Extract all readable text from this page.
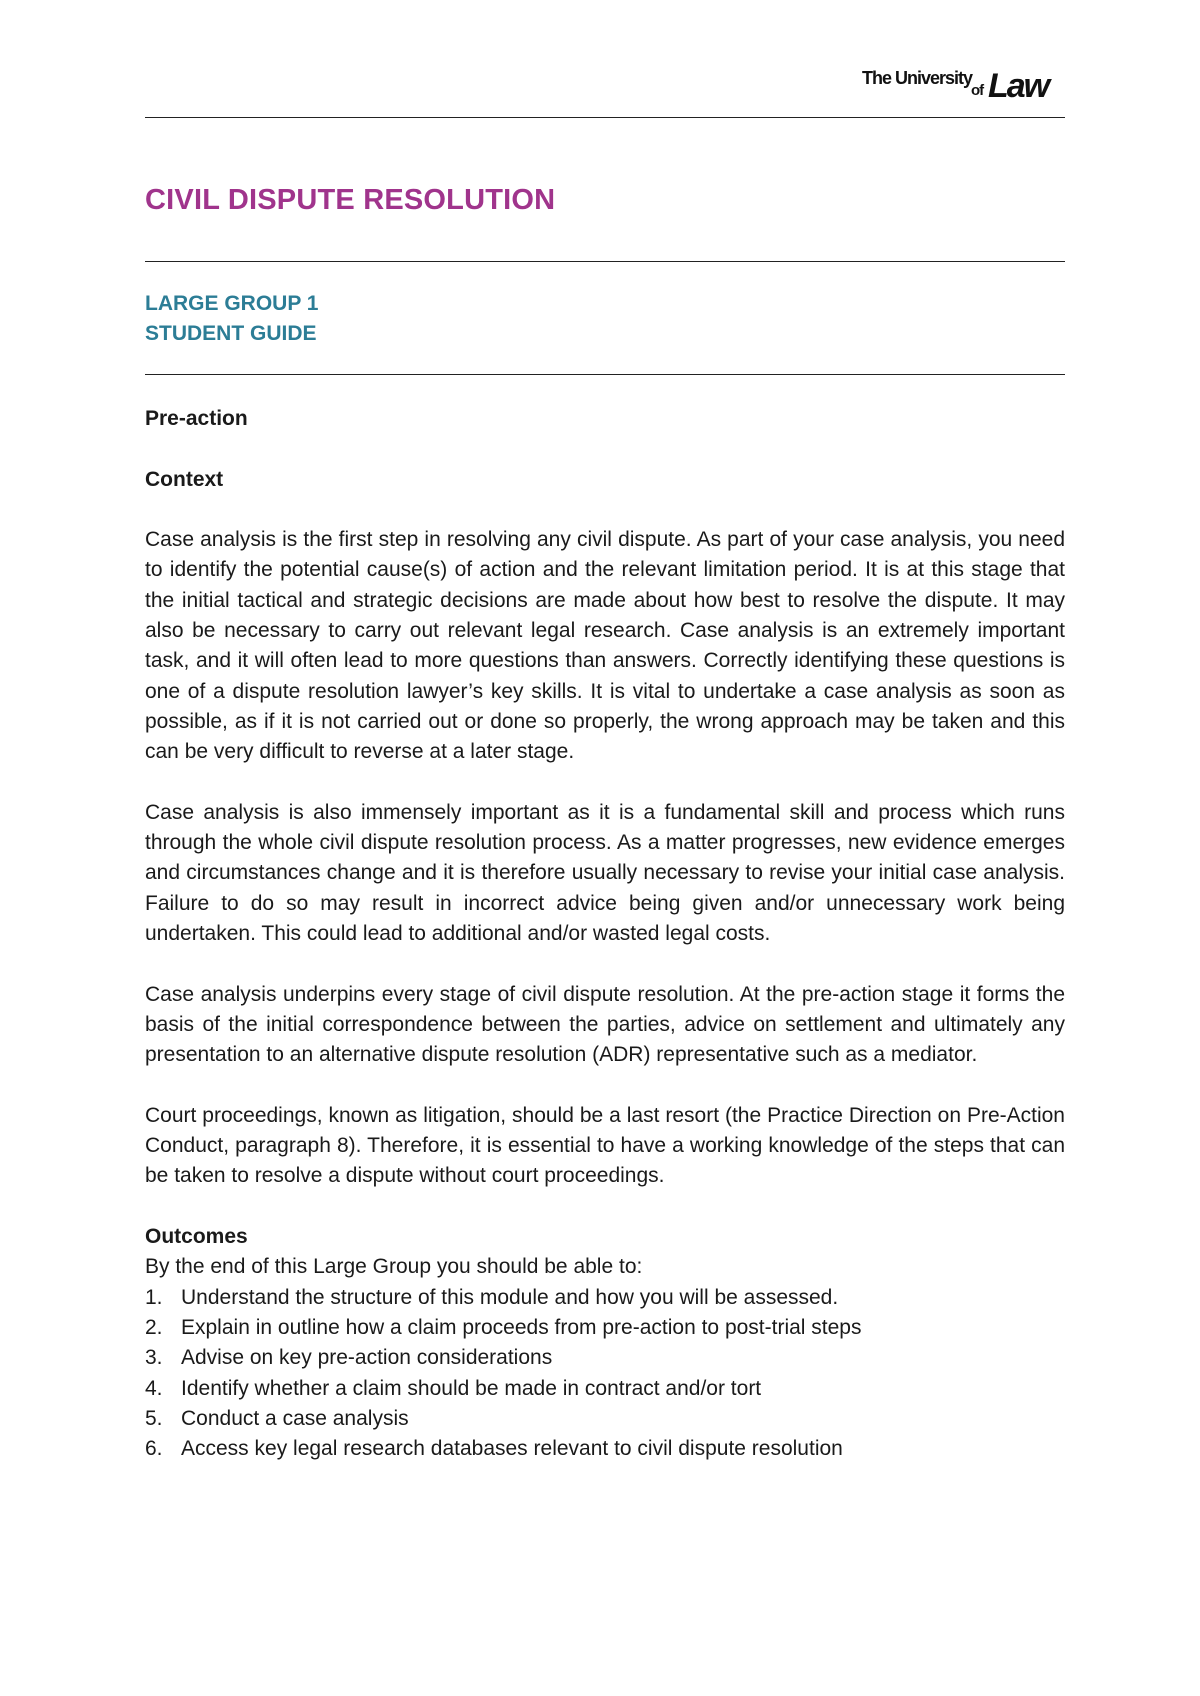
The University
of Law
CIVIL DISPUTE RESOLUTION
LARGE GROUP 1
STUDENT GUIDE
Pre-action
Context

Case analysis is the first step in resolving any civil dispute. As part of your case analysis, you need to identify the potential cause(s) of action and the relevant limitation period. It is at this stage that the initial tactical and strategic decisions are made about how best to resolve the dispute. It may also be necessary to carry out relevant legal research. Case analysis is an extremely important task, and it will often lead to more questions than answers. Correctly identifying these questions is one of a dispute resolution lawyer’s key skills. It is vital to undertake a case analysis as soon as possible, as if it is not carried out or done so properly, the wrong approach may be taken and this can be very difficult to reverse at a later stage.

Case analysis is also immensely important as it is a fundamental skill and process which runs through the whole civil dispute resolution process. As a matter progresses, new evidence emerges and circumstances change and it is therefore usually necessary to revise your initial case analysis. Failure to do so may result in incorrect advice being given and/or unnecessary work being undertaken. This could lead to additional and/or wasted legal costs.

Case analysis underpins every stage of civil dispute resolution. At the pre-action stage it forms the basis of the initial correspondence between the parties, advice on settlement and ultimately any presentation to an alternative dispute resolution (ADR) representative such as a mediator.

Court proceedings, known as litigation, should be a last resort (the Practice Direction on Pre-Action Conduct, paragraph 8). Therefore, it is essential to have a working knowledge of the steps that can be taken to resolve a dispute without court proceedings.

Outcomes

By the end of this Large Group you should be able to:

1. Understand the structure of this module and how you will be assessed.
2. Explain in outline how a claim proceeds from pre-action to post-trial steps
3. Advise on key pre-action considerations
4. Identify whether a claim should be made in contract and/or tort
5. Conduct a case analysis
6. Access key legal research databases relevant to civil dispute resolution
